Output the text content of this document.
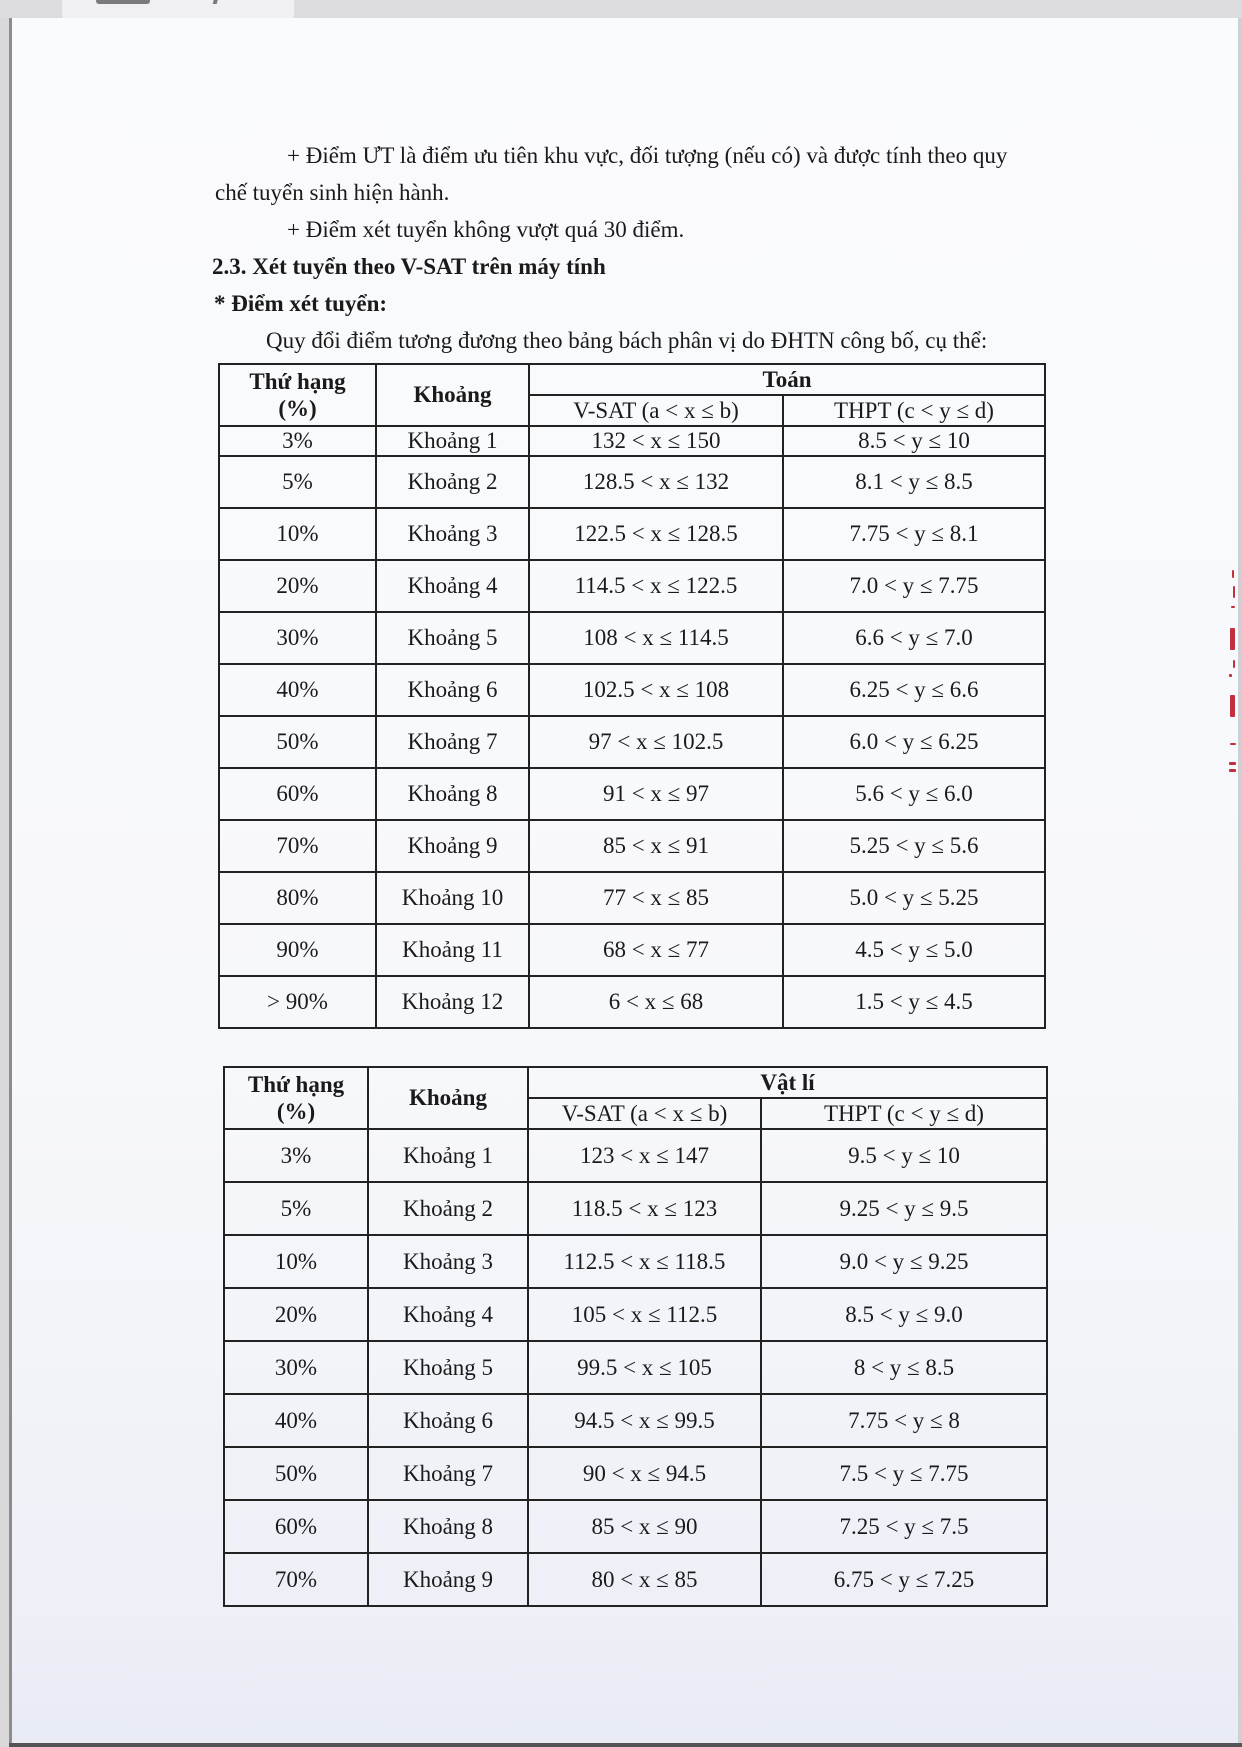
+ Điểm ƯT là điểm ưu tiên khu vực, đối tượng (nếu có) và được tính theo quy

chế tuyển sinh hiện hành.

+ Điểm xét tuyển không vượt quá 30 điểm.

2.3. Xét tuyển theo V-SAT trên máy tính

* Điểm xét tuyển:

Quy đổi điểm tương đương theo bảng bách phân vị do ĐHTN công bố, cụ thể:

Thứ hạng
(%)	Khoảng	Toán	
		V-SAT (a < x ≤ b)	THPT (c < y ≤ d)
3%	Khoảng 1	132 < x ≤ 150	8.5 < y ≤ 10
5%	Khoảng 2	128.5 < x ≤ 132	8.1 < y ≤ 8.5
10%	Khoảng 3	122.5 < x ≤ 128.5	7.75 < y ≤ 8.1
20%	Khoảng 4	114.5 < x ≤ 122.5	7.0 < y ≤ 7.75
30%	Khoảng 5	108 < x ≤ 114.5	6.6 < y ≤ 7.0
40%	Khoảng 6	102.5 < x ≤ 108	6.25 < y ≤ 6.6
50%	Khoảng 7	97 < x ≤ 102.5	6.0 < y ≤ 6.25
60%	Khoảng 8	91 < x ≤ 97	5.6 < y ≤ 6.0
70%	Khoảng 9	85 < x ≤ 91	5.25 < y ≤ 5.6
80%	Khoảng 10	77 < x ≤ 85	5.0 < y ≤ 5.25
90%	Khoảng 11	68 < x ≤ 77	4.5 < y ≤ 5.0
> 90%	Khoảng 12	6 < x ≤ 68	1.5 < y ≤ 4.5
Thứ hạng
(%)	Khoảng	Vật lí	
		V-SAT (a < x ≤ b)	THPT (c < y ≤ d)
3%	Khoảng 1	123 < x ≤ 147	9.5 < y ≤ 10
5%	Khoảng 2	118.5 < x ≤ 123	9.25 < y ≤ 9.5
10%	Khoảng 3	112.5 < x ≤ 118.5	9.0 < y ≤ 9.25
20%	Khoảng 4	105 < x ≤ 112.5	8.5 < y ≤ 9.0
30%	Khoảng 5	99.5 < x ≤ 105	8 < y ≤ 8.5
40%	Khoảng 6	94.5 < x ≤ 99.5	7.75 < y ≤ 8
50%	Khoảng 7	90 < x ≤ 94.5	7.5 < y ≤ 7.75
60%	Khoảng 8	85 < x ≤ 90	7.25 < y ≤ 7.5
70%	Khoảng 9	80 < x ≤ 85	6.75 < y ≤ 7.25
